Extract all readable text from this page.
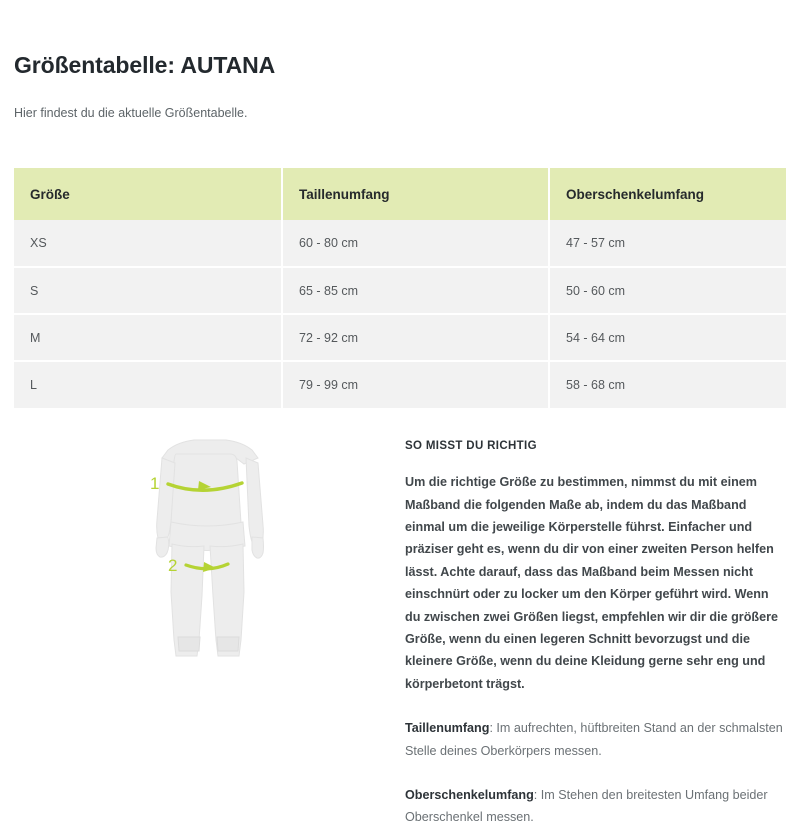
Größentabelle: AUTANA

Hier findest du die aktuelle Größentabelle.

Größe	Taillenumfang	Oberschenkelumfang
XS	60 - 80 cm	47 - 57 cm
S	65 - 85 cm	50 - 60 cm
M	72 - 92 cm	54 - 64 cm
L	79 - 99 cm	58 - 68 cm
1
2
SO MISST DU RICHTIG

Um die richtige Größe zu bestimmen, nimmst du mit einem Maßband die folgenden Maße ab, indem du das Maßband einmal um die jeweilige Körperstelle führst. Einfacher und präziser geht es, wenn du dir von einer zweiten Person helfen lässt. Achte darauf, dass das Maßband beim Messen nicht einschnürt oder zu locker um den Körper geführt wird. Wenn du zwischen zwei Größen liegst, empfehlen wir dir die größere Größe, wenn du einen legeren Schnitt bevorzugst und die kleinere Größe, wenn du deine Kleidung gerne sehr eng und körperbetont trägst.

Taillenumfang: Im aufrechten, hüftbreiten Stand an der schmalsten Stelle deines Oberkörpers messen.

Oberschenkelumfang: Im Stehen den breitesten Umfang beider Oberschenkel messen.
